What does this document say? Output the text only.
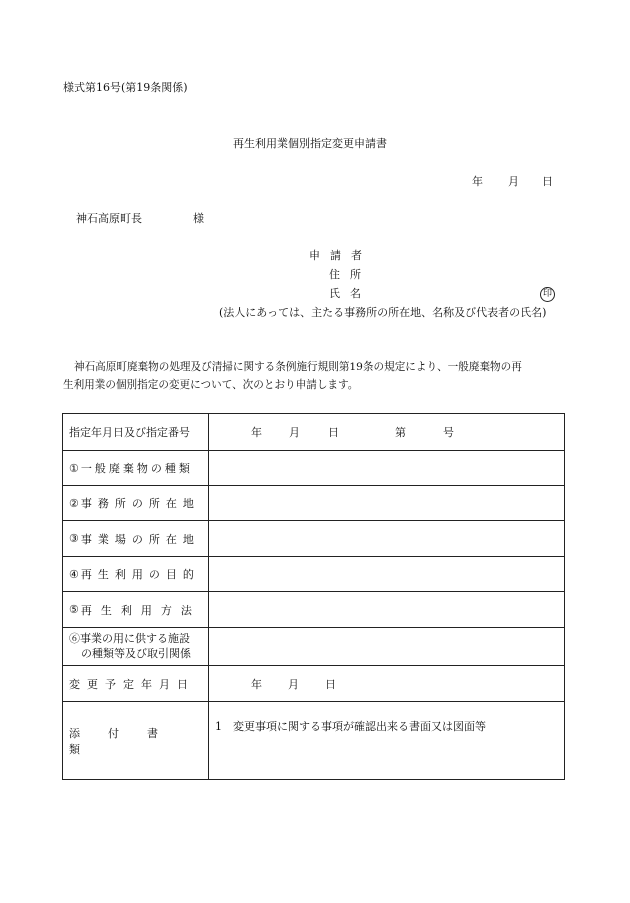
様式第16号(第19条関係)
再生利用業個別指定変更申請書
年 月 日
神石高原町長	様
申請者
住所
氏名	印
(法人にあっては、主たる事務所の所在地、名称及び代表者の氏名)
神石高原町廃棄物の処理及び清掃に関する条例施行規則第19条の規定により、一般廃棄物の再
生利用業の個別指定の変更について、次のとおり申請します。
指定年月日及び指定番号	年 月 日 第 号

① 一般廃棄物の種類	

② 事務所の所在地	

③ 事業場の所在地	

④ 再生利用の目的	

⑤ 再生利用方法	

⑥事業の用に供する施設
の種類等及び取引関係	

変更予定年月日	年 月 日

添付書類	1　変更事項に関する事項が確認出来る書面又は図面等
